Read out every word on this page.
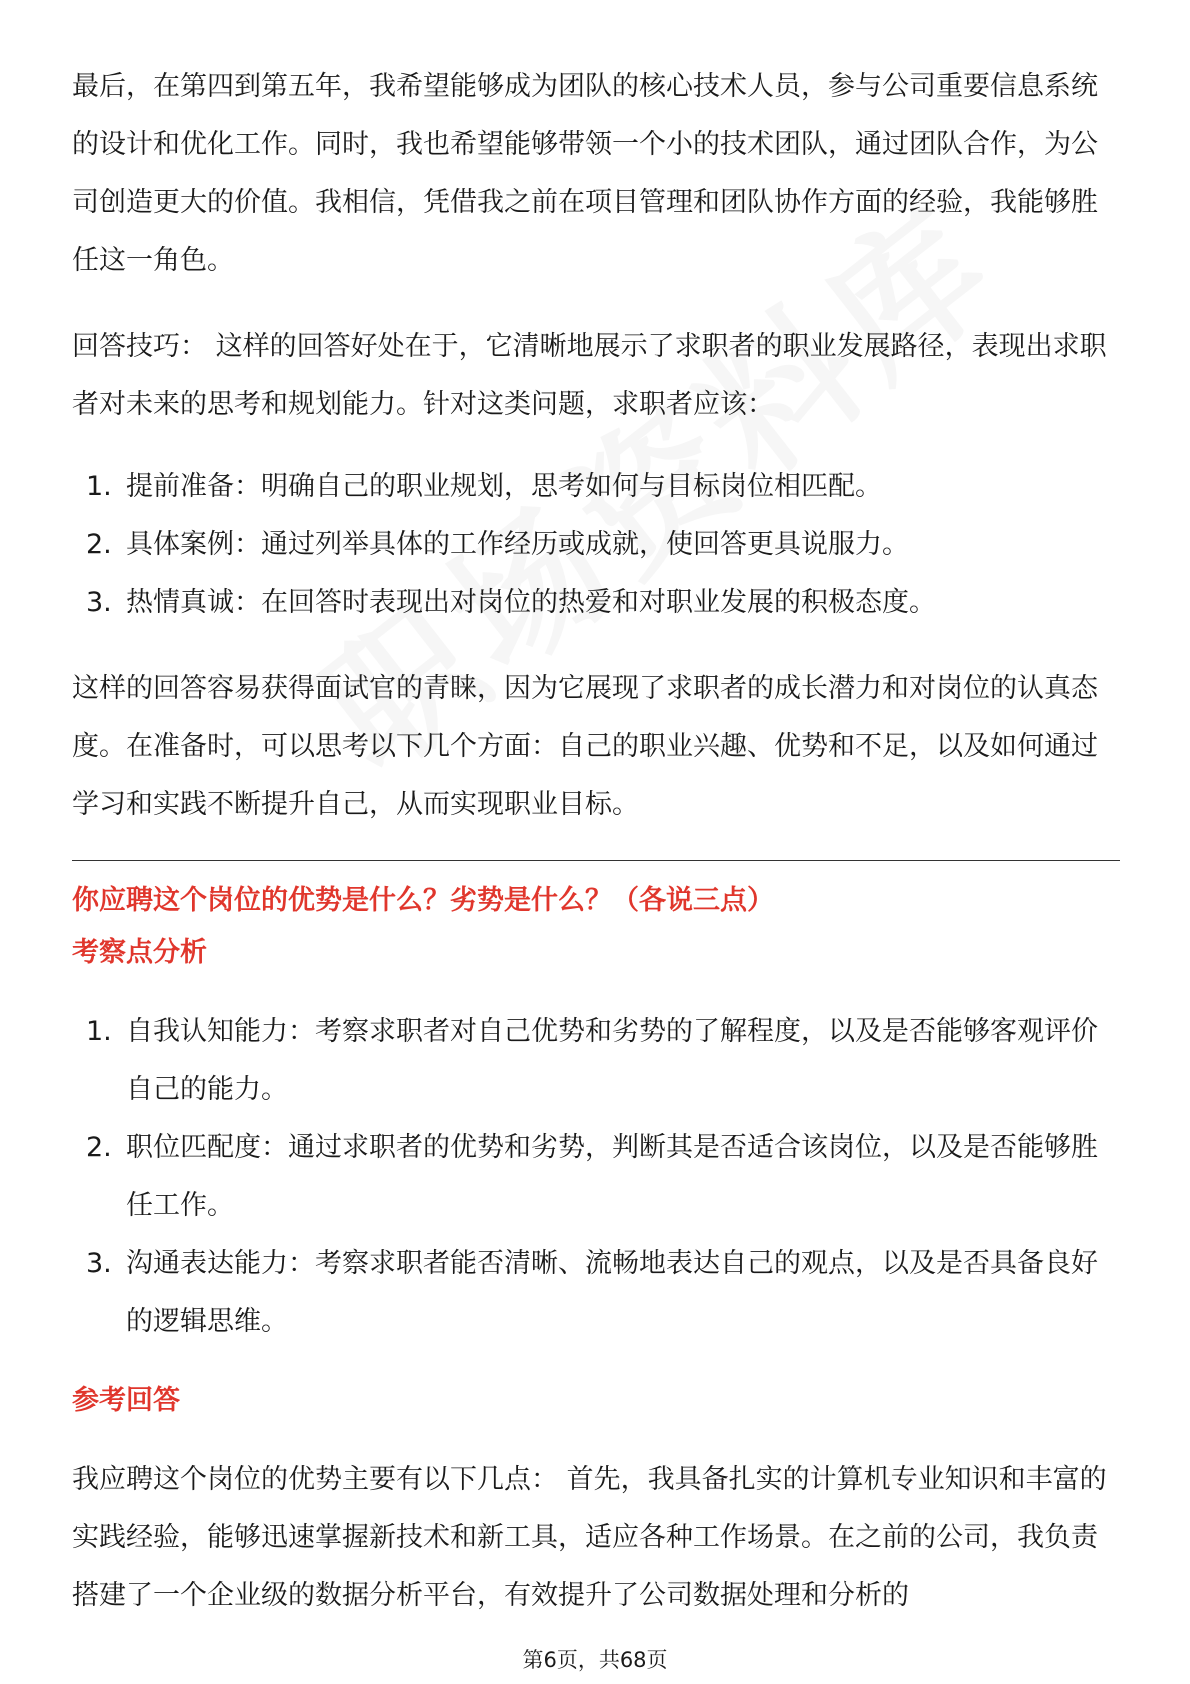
最后，在第四到第五年，我希望能够成为团队的核心技术人员，参与公司重要信息系统的设计和优化工作。同时，我也希望能够带领一个小的技术团队，通过团队合作，为公司创造更大的价值。我相信，凭借我之前在项目管理和团队协作方面的经验，我能够胜任这一角色。

回答技巧： 这样的回答好处在于，它清晰地展示了求职者的职业发展路径，表现出求职者对未来的思考和规划能力。针对这类问题，求职者应该：

1. 提前准备：明确自己的职业规划，思考如何与目标岗位相匹配。
2. 具体案例：通过列举具体的工作经历或成就，使回答更具说服力。
3. 热情真诚：在回答时表现出对岗位的热爱和对职业发展的积极态度。

这样的回答容易获得面试官的青睐，因为它展现了求职者的成长潜力和对岗位的认真态度。在准备时，可以思考以下几个方面：自己的职业兴趣、优势和不足，以及如何通过学习和实践不断提升自己，从而实现职业目标。

你应聘这个岗位的优势是什么？劣势是什么？（各说三点）

考察点分析

1. 自我认知能力：考察求职者对自己优势和劣势的了解程度，以及是否能够客观评价自己的能力。
2. 职位匹配度：通过求职者的优势和劣势，判断其是否适合该岗位，以及是否能够胜任工作。
3. 沟通表达能力：考察求职者能否清晰、流畅地表达自己的观点，以及是否具备良好的逻辑思维。

参考回答

我应聘这个岗位的优势主要有以下几点： 首先，我具备扎实的计算机专业知识和丰富的实践经验，能够迅速掌握新技术和新工具，适应各种工作场景。在之前的公司，我负责搭建了一个企业级的数据分析平台，有效提升了公司数据处理和分析的

第6页，共68页
